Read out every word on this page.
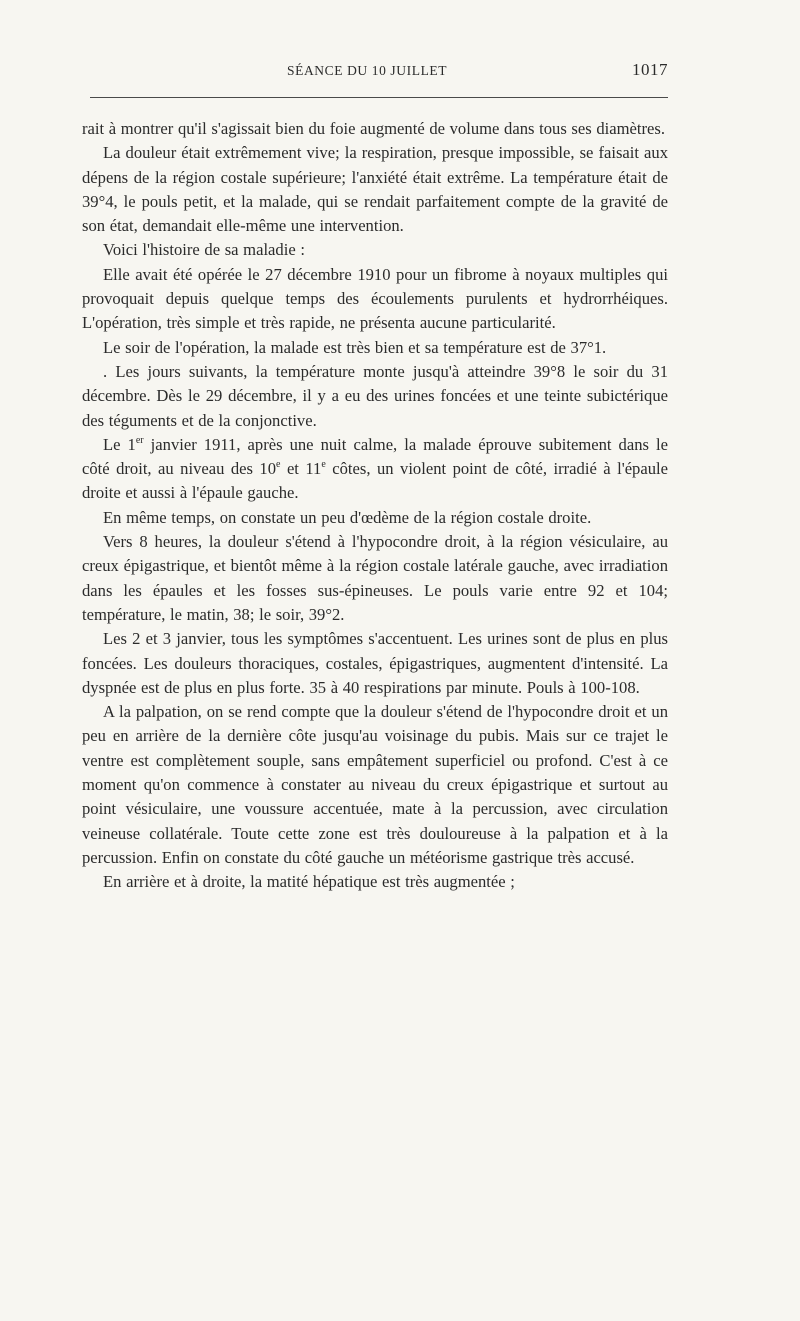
SÉANCE DU 10 JUILLET	1017

rait à montrer qu'il s'agissait bien du foie augmenté de volume dans tous ses diamètres.

La douleur était extrêmement vive; la respiration, presque impossible, se faisait aux dépens de la région costale supérieure; l'anxiété était extrême. La température était de 39°4, le pouls petit, et la malade, qui se rendait parfaitement compte de la gravité de son état, demandait elle-même une intervention.

Voici l'histoire de sa maladie :

Elle avait été opérée le 27 décembre 1910 pour un fibrome à noyaux multiples qui provoquait depuis quelque temps des écoulements purulents et hydrorrhéiques. L'opération, très simple et très rapide, ne présenta aucune particularité.

Le soir de l'opération, la malade est très bien et sa température est de 37°1.

. Les jours suivants, la température monte jusqu'à atteindre 39°8 le soir du 31 décembre. Dès le 29 décembre, il y a eu des urines foncées et une teinte subictérique des téguments et de la conjonctive.

Le 1er janvier 1911, après une nuit calme, la malade éprouve subitement dans le côté droit, au niveau des 10e et 11e côtes, un violent point de côté, irradié à l'épaule droite et aussi à l'épaule gauche.

En même temps, on constate un peu d'œdème de la région costale droite.

Vers 8 heures, la douleur s'étend à l'hypocondre droit, à la région vésiculaire, au creux épigastrique, et bientôt même à la région costale latérale gauche, avec irradiation dans les épaules et les fosses sus-épineuses. Le pouls varie entre 92 et 104; température, le matin, 38; le soir, 39°2.

Les 2 et 3 janvier, tous les symptômes s'accentuent. Les urines sont de plus en plus foncées. Les douleurs thoraciques, costales, épigastriques, augmentent d'intensité. La dyspnée est de plus en plus forte. 35 à 40 respirations par minute. Pouls à 100-108.

A la palpation, on se rend compte que la douleur s'étend de l'hypocondre droit et un peu en arrière de la dernière côte jusqu'au voisinage du pubis. Mais sur ce trajet le ventre est complètement souple, sans empâtement superficiel ou profond. C'est à ce moment qu'on commence à constater au niveau du creux épigastrique et surtout au point vésiculaire, une voussure accentuée, mate à la percussion, avec circulation veineuse collatérale. Toute cette zone est très douloureuse à la palpation et à la percussion. Enfin on constate du côté gauche un météorisme gastrique très accusé.

En arrière et à droite, la matité hépatique est très augmentée ;
